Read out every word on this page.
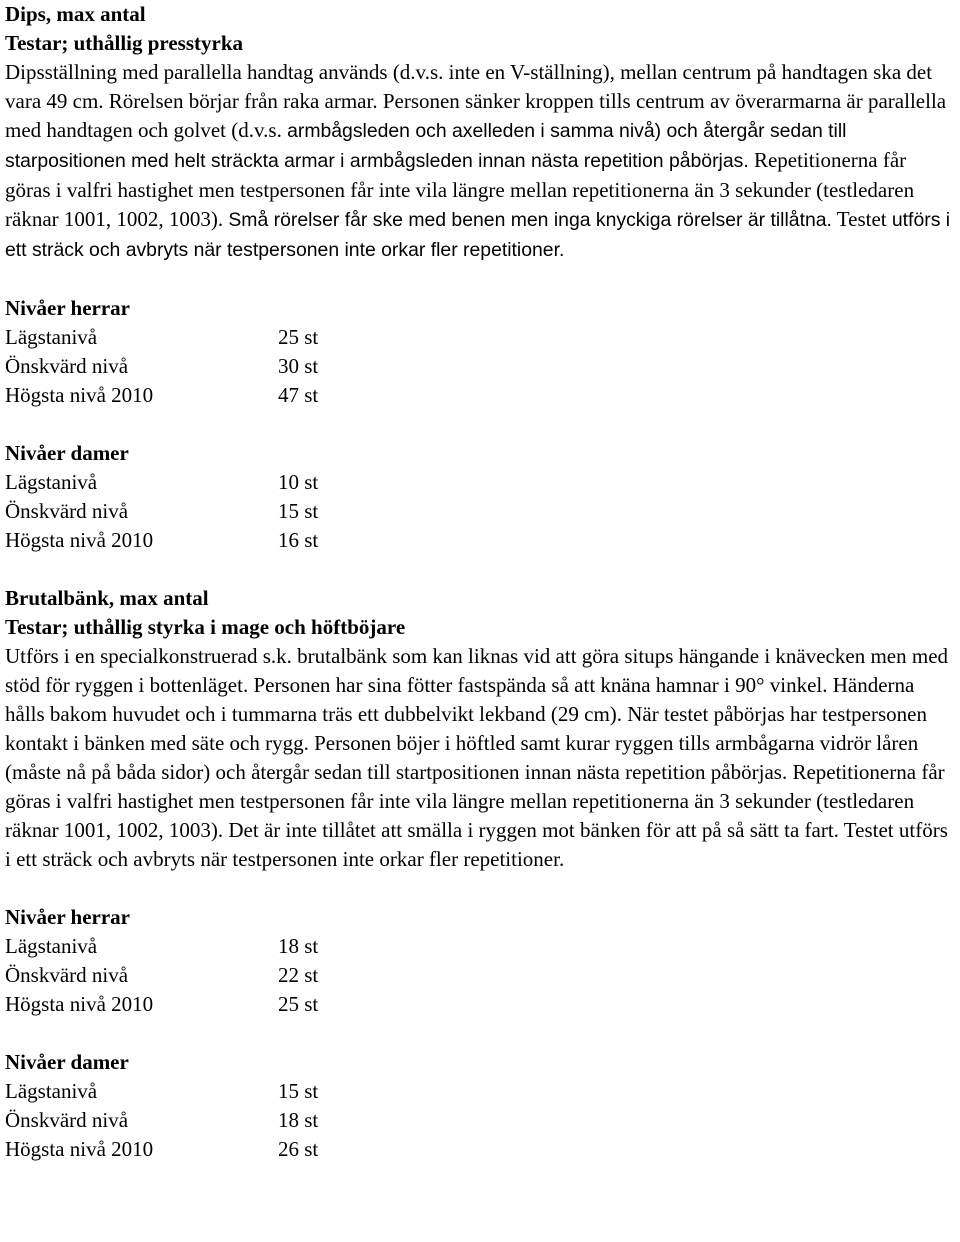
Dips, max antal

Testar; uthållig presstyrka

Dipsställning med parallella handtag används (d.v.s. inte en V-ställning), mellan centrum på handtagen ska det vara 49 cm. Rörelsen börjar från raka armar. Personen sänker kroppen tills centrum av överarmarna är parallella med handtagen och golvet (d.v.s. armbågsleden och axelleden i samma nivå) och återgår sedan till starpositionen med helt sträckta armar i armbågsleden innan nästa repetition påbörjas. Repetitionerna får göras i valfri hastighet men testpersonen får inte vila längre mellan repetitionerna än 3 sekunder (testledaren räknar 1001, 1002, 1003). Små rörelser får ske med benen men inga knyckiga rörelser är tillåtna. Testet utförs i ett sträck och avbryts när testpersonen inte orkar fler repetitioner.

Nivåer herrar

Lägstanivå	25 st
Önskvärd nivå	30 st
Högsta nivå 2010	47 st

Nivåer damer

Lägstanivå	10 st
Önskvärd nivå	15 st
Högsta nivå 2010	16 st

Brutalbänk, max antal

Testar; uthållig styrka i mage och höftböjare

Utförs i en specialkonstruerad s.k. brutalbänk som kan liknas vid att göra situps hängande i knävecken men med stöd för ryggen i bottenläget. Personen har sina fötter fastspända så att knäna hamnar i 90° vinkel. Händerna hålls bakom huvudet och i tummarna träs ett dubbelvikt lekband (29 cm). När testet påbörjas har testpersonen kontakt i bänken med säte och rygg. Personen böjer i höftled samt kurar ryggen tills armbågarna vidrör låren (måste nå på båda sidor) och återgår sedan till startpositionen innan nästa repetition påbörjas. Repetitionerna får göras i valfri hastighet men testpersonen får inte vila längre mellan repetitionerna än 3 sekunder (testledaren räknar 1001, 1002, 1003). Det är inte tillåtet att smälla i ryggen mot bänken för att på så sätt ta fart. Testet utförs i ett sträck och avbryts när testpersonen inte orkar fler repetitioner.

Nivåer herrar

Lägstanivå	18 st
Önskvärd nivå	22 st
Högsta nivå 2010	25 st

Nivåer damer

Lägstanivå	15 st
Önskvärd nivå	18 st
Högsta nivå 2010	26 st
